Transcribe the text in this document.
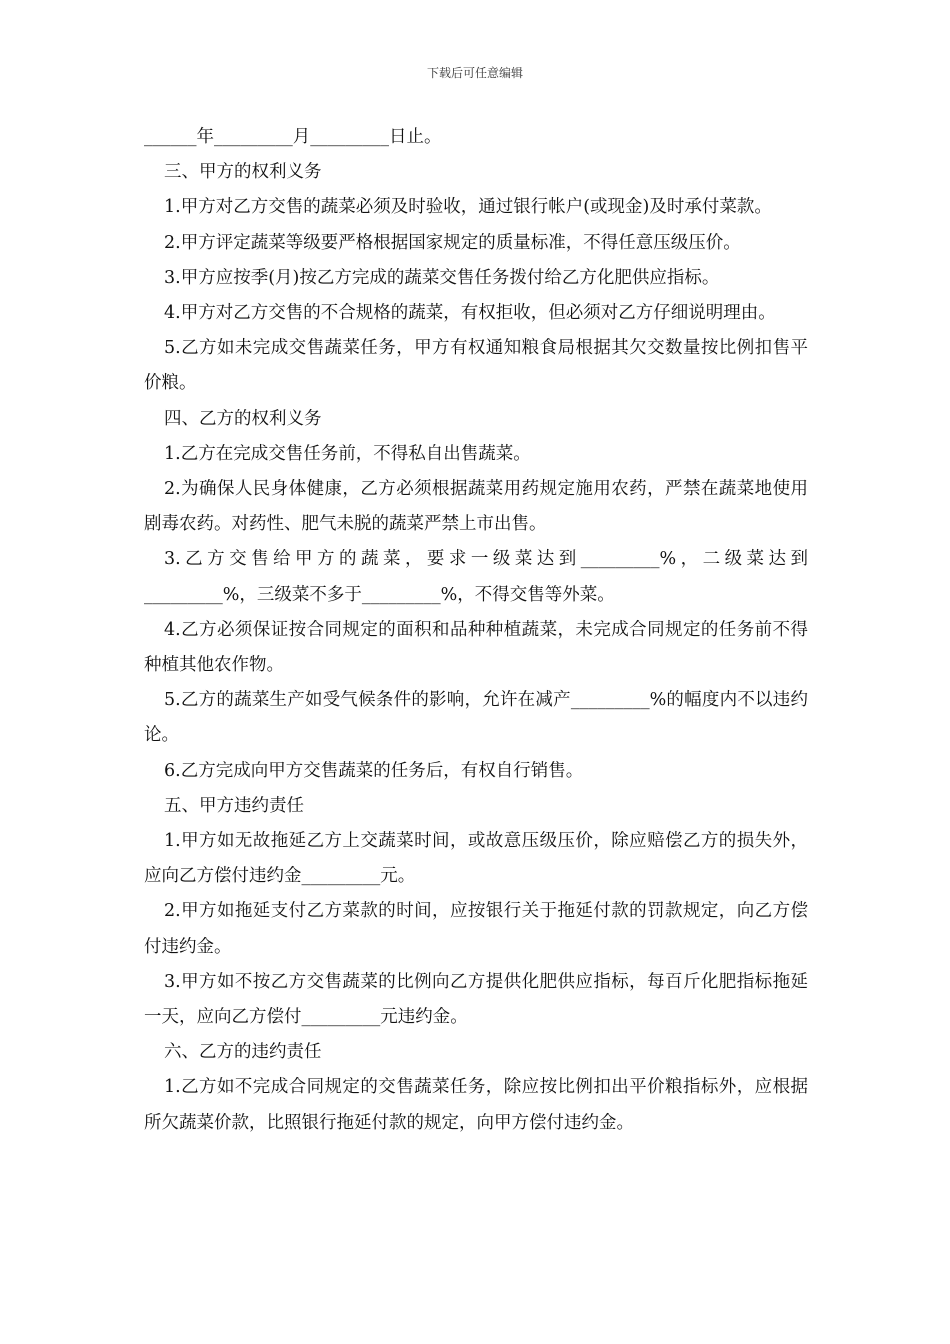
下载后可任意编辑

______年_________月_________日止。

三、甲方的权利义务

1.甲方对乙方交售的蔬菜必须及时验收，通过银行帐户(或现金)及时承付菜款。

2.甲方评定蔬菜等级要严格根据国家规定的质量标准，不得任意压级压价。

3.甲方应按季(月)按乙方完成的蔬菜交售任务拨付给乙方化肥供应指标。

4.甲方对乙方交售的不合规格的蔬菜，有权拒收，但必须对乙方仔细说明理由。

5.乙方如未完成交售蔬菜任务，甲方有权通知粮食局根据其欠交数量按比例扣售平价粮。

四、乙方的权利义务

1.乙方在完成交售任务前，不得私自出售蔬菜。

2.为确保人民身体健康，乙方必须根据蔬菜用药规定施用农药，严禁在蔬菜地使用剧毒农药。对药性、肥气未脱的蔬菜严禁上市出售。

3.乙方交售给甲方的蔬菜，要求一级菜达到_________%，二级菜达到_________%，三级菜不多于_________%，不得交售等外菜。

4.乙方必须保证按合同规定的面积和品种种植蔬菜，未完成合同规定的任务前不得种植其他农作物。

5.乙方的蔬菜生产如受气候条件的影响，允许在减产_________%的幅度内不以违约论。

6.乙方完成向甲方交售蔬菜的任务后，有权自行销售。

五、甲方违约责任

1.甲方如无故拖延乙方上交蔬菜时间，或故意压级压价，除应赔偿乙方的损失外，应向乙方偿付违约金_________元。

2.甲方如拖延支付乙方菜款的时间，应按银行关于拖延付款的罚款规定，向乙方偿付违约金。

3.甲方如不按乙方交售蔬菜的比例向乙方提供化肥供应指标，每百斤化肥指标拖延一天，应向乙方偿付_________元违约金。

六、乙方的违约责任

1.乙方如不完成合同规定的交售蔬菜任务，除应按比例扣出平价粮指标外，应根据所欠蔬菜价款，比照银行拖延付款的规定，向甲方偿付违约金。
